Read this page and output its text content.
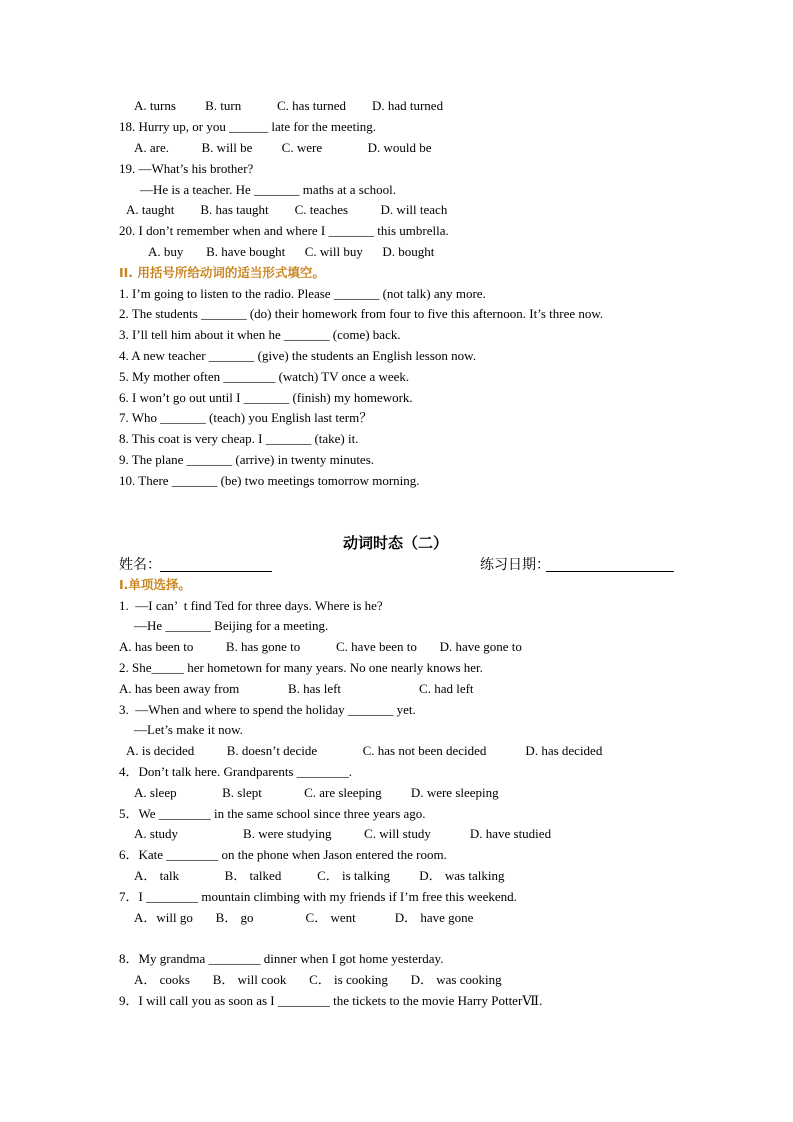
A. turns         B. turn           C. has turned        D. had turned
18. Hurry up, or you ______ late for the meeting.
A. are.          B. will be         C. were              D. would be
19. —What’s his brother?
—He is a teacher. He _______ maths at a school.
A. taught        B. has taught        C. teaches          D. will teach
20. I don’t remember when and where I _______ this umbrella.
A. buy       B. have bought      C. will buy      D. bought
II. 用括号所给动词的适当形式填空。
1. I’m going to listen to the radio. Please _______ (not talk) any more.
2. The students _______ (do) their homework from four to five this afternoon. It’s three now.
3. I’ll tell him about it when he _______ (come) back.
4. A new teacher _______ (give) the students an English lesson now.
5. My mother often ________ (watch) TV once a week.
6. I won’t go out until I _______ (finish) my homework.
7. Who _______ (teach) you English last term？
8. This coat is very cheap. I _______ (take) it.
9. The plane _______ (arrive) in twenty minutes.
10. There _______ (be) two meetings tomorrow morning.
动词时态（二）
姓名：	练习日期：
I.单项选择。
1.  —I can’  t find Ted for three days. Where is he?
—He _______ Beijing for a meeting.
A. has been to          B. has gone to           C. have been to       D. have gone to
2. She_____ her hometown for many years. No one nearly knows her.
A. has been away from               B. has left                        C. had left
3.  —When and where to spend the holiday _______ yet.
—Let’s make it now.
A. is decided          B. doesn’t decide              C. has not been decided            D. has decided
4．Don’t talk here. Grandparents ________.
A. sleep              B. slept             C. are sleeping         D. were sleeping
5．We ________ in the same school since three years ago.
A. study                    B. were studying          C. will study            D. have studied
6．Kate ________ on the phone when Jason entered the room.
A． talk              B． talked           C． is talking         D． was talking
7．I ________ mountain climbing with my friends if I’m free this weekend.
A．will go       B． go                C． went            D． have gone
8．My grandma ________ dinner when I got home yesterday.
A． cooks       B． will cook       C． is cooking       D． was cooking
9．I will call you as soon as I ________ the tickets to the movie Harry PotterⅦ.
